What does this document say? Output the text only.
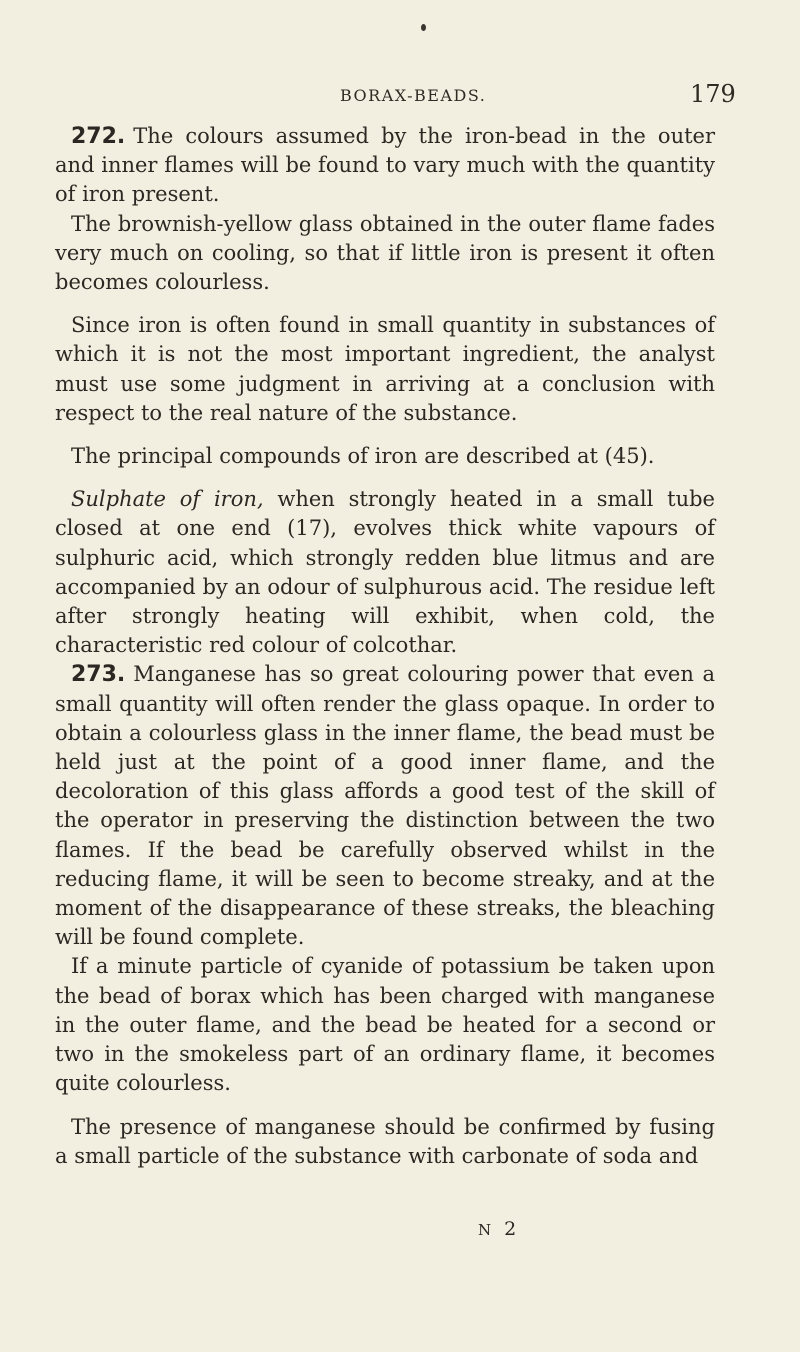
BORAX-BEADS.	179

272. The colours assumed by the iron-bead in the outer and inner flames will be found to vary much with the quantity of iron present.

The brownish-yellow glass obtained in the outer flame fades very much on cooling, so that if little iron is present it often becomes colourless.

Since iron is often found in small quantity in substances of which it is not the most important ingredient, the analyst must use some judgment in arriving at a conclusion with respect to the real nature of the substance.

The principal compounds of iron are described at (45).

Sulphate of iron, when strongly heated in a small tube closed at one end (17), evolves thick white vapours of sulphuric acid, which strongly redden blue litmus and are accompanied by an odour of sulphurous acid. The residue left after strongly heating will exhibit, when cold, the characteristic red colour of colcothar.

273. Manganese has so great colouring power that even a small quantity will often render the glass opaque. In order to obtain a colourless glass in the inner flame, the bead must be held just at the point of a good inner flame, and the decoloration of this glass affords a good test of the skill of the operator in preserving the distinction between the two flames. If the bead be carefully observed whilst in the reducing flame, it will be seen to become streaky, and at the moment of the disappearance of these streaks, the bleaching will be found complete.

If a minute particle of cyanide of potassium be taken upon the bead of borax which has been charged with manganese in the outer flame, and the bead be heated for a second or two in the smokeless part of an ordinary flame, it becomes quite colourless.

The presence of manganese should be confirmed by fusing a small particle of the substance with carbonate of soda and

N 2
